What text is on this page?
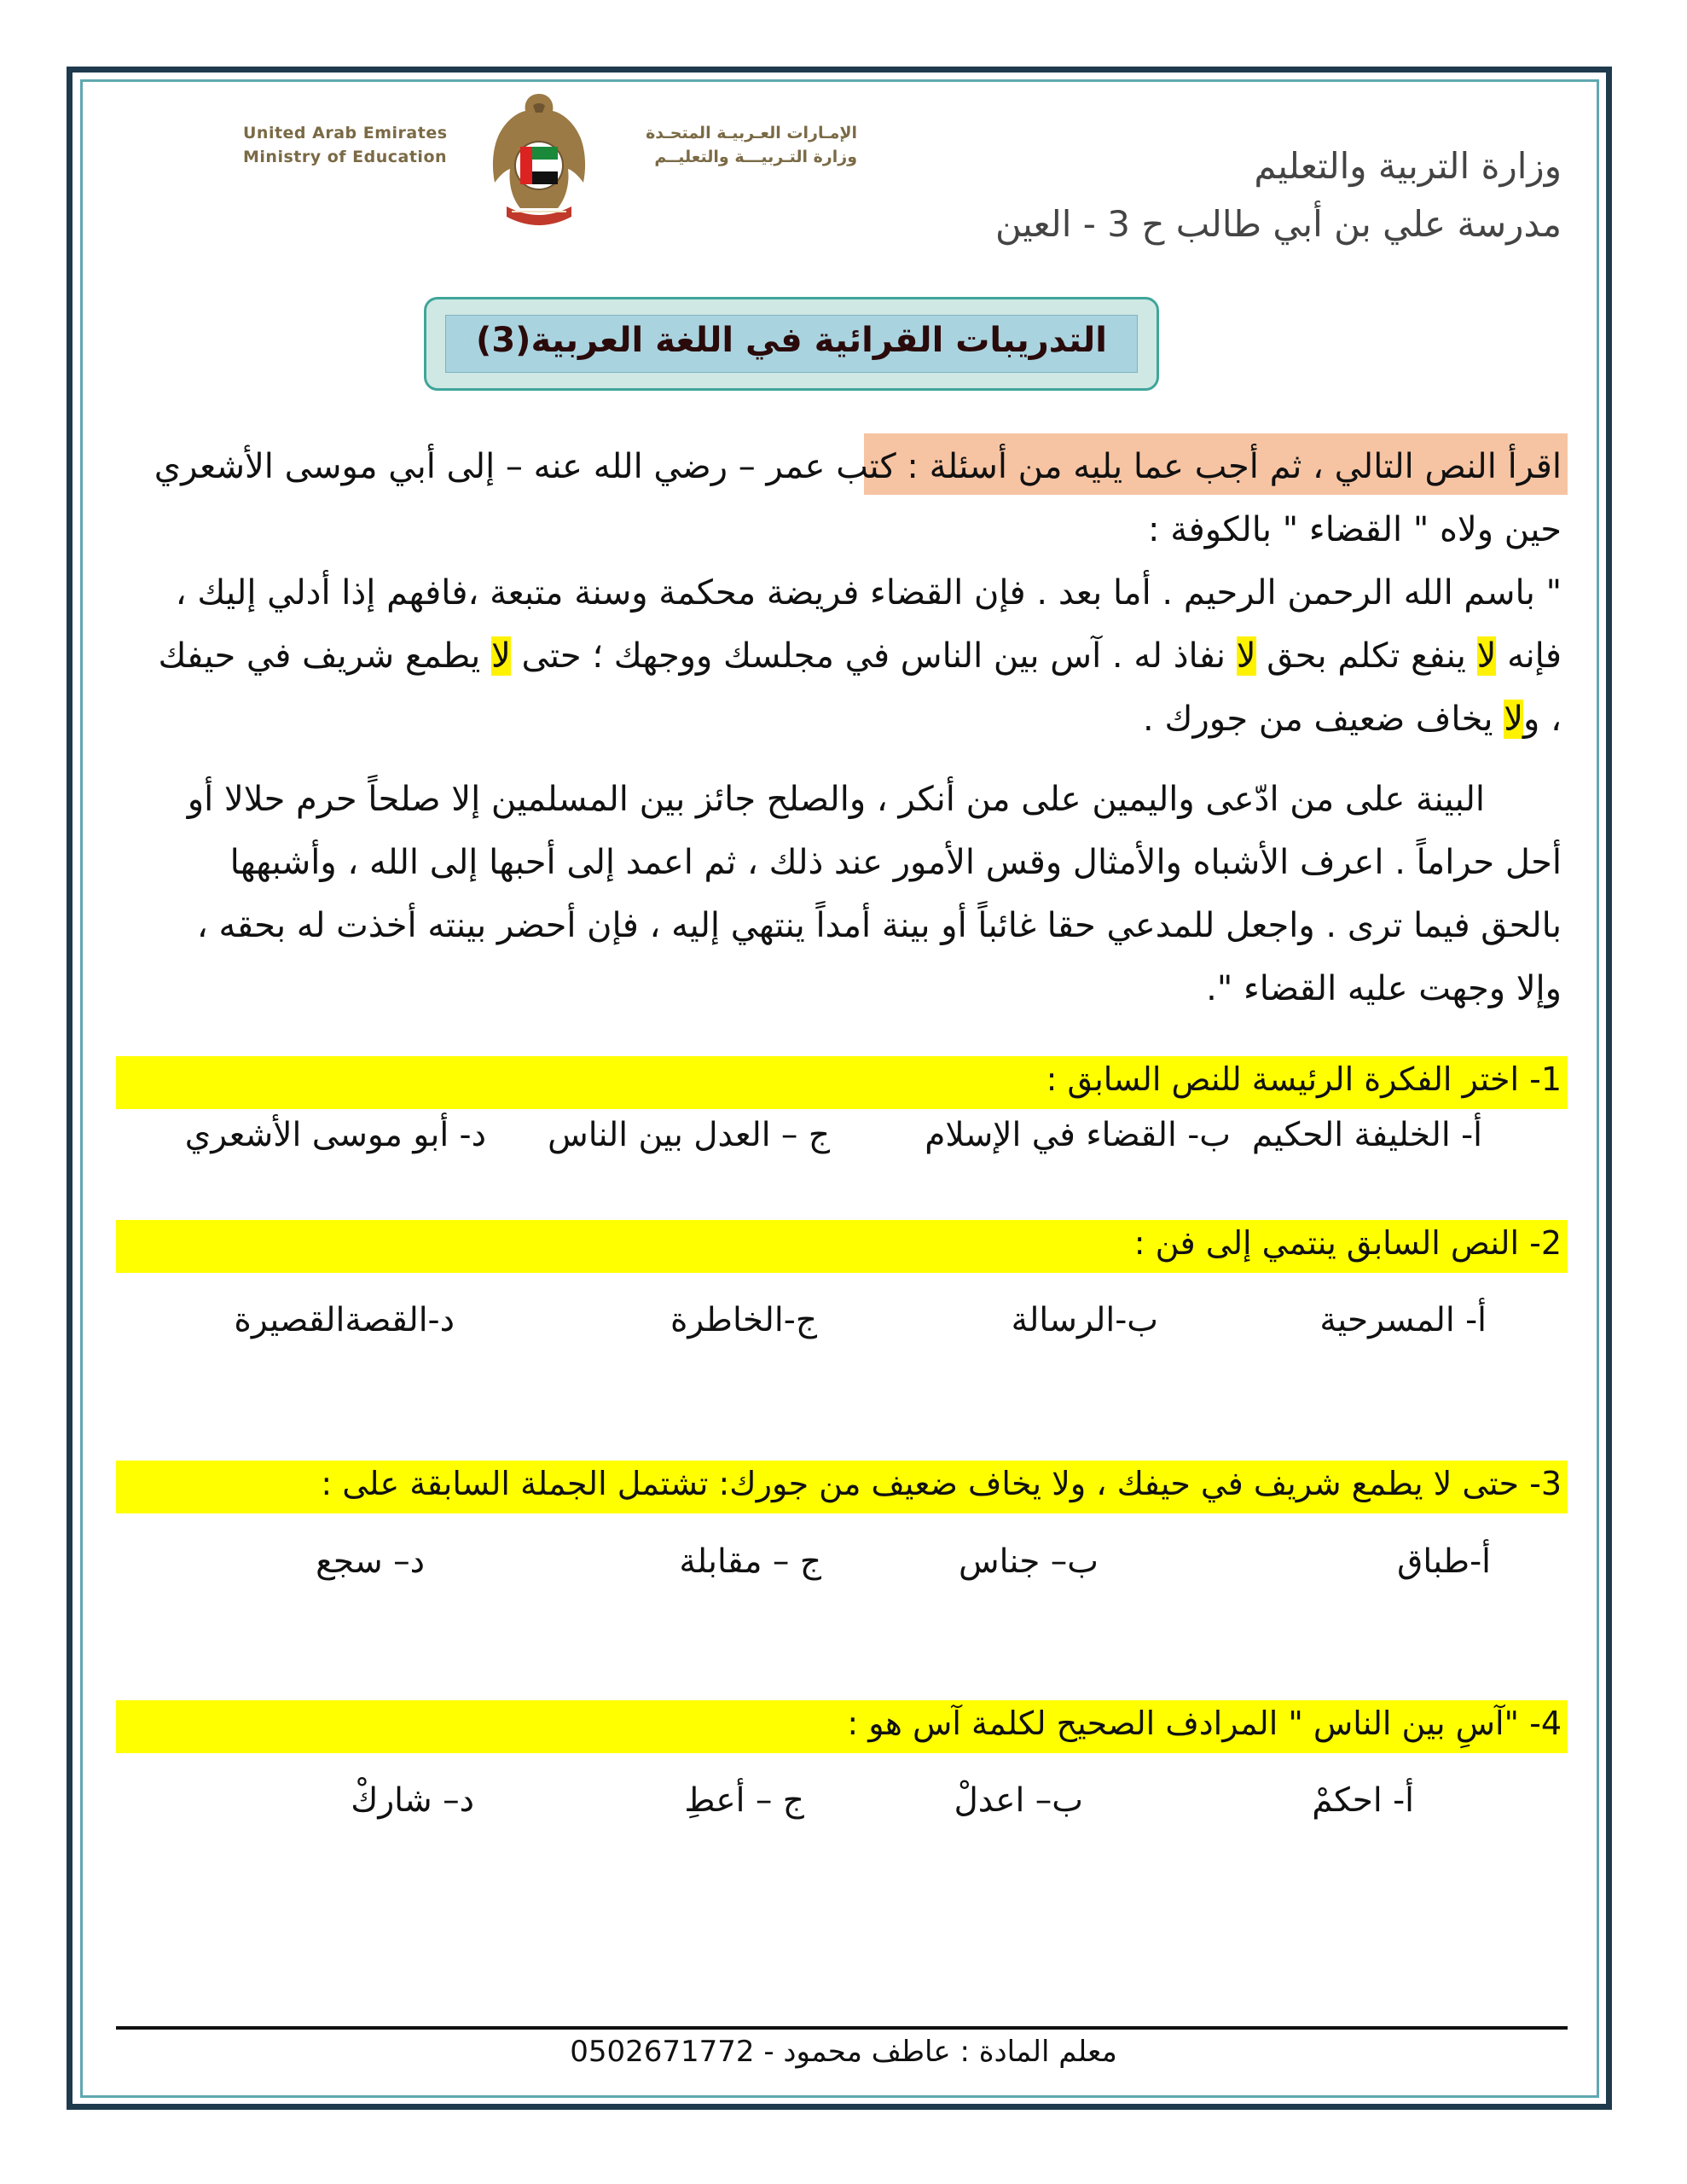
United Arab Emirates
Ministry of Education
الإمـارات العـربيـة المتحـدة
وزارة التـربيـــة والتعليــم	وزارة التربية والتعليم
مدرسة علي بن أبي طالب ح 3 - العين
التدريبات القرائية في اللغة العربية(3)
اقرأ النص التالي ، ثم أجب عما يليه من أسئلة : كتب عمر – رضي الله عنه – إلى أبي موسى الأشعري حين ولاه " القضاء " بالكوفة :
" باسم الله الرحمن الرحيم . أما بعد . فإن القضاء فريضة محكمة وسنة متبعة ،فافهم إذا أدلي إليك ، فإنه لا ينفع تكلم بحق لا نفاذ له . آس بين الناس في مجلسك ووجهك ؛ حتى لا يطمع شريف في حيفك ، ولا يخاف ضعيف من جورك .
البينة على من ادّعى واليمين على من أنكر ، والصلح جائز بين المسلمين إلا صلحاً حرم حلالا أو أحل حراماً . اعرف الأشباه والأمثال وقس الأمور عند ذلك ، ثم اعمد إلى أحبها إلى الله ، وأشبهها بالحق فيما ترى . واجعل للمدعي حقا غائباً أو بينة أمداً ينتهي إليه ، فإن أحضر بينته أخذت له بحقه ، وإلا وجهت عليه القضاء ".
1- اختر الفكرة الرئيسة للنص السابق :
أ- الخليفة الحكيم
ب- القضاء في الإسلام
ج – العدل بين الناس
د- أبو موسى الأشعري
2- النص السابق ينتمي إلى فن :
أ- المسرحية
ب-الرسالة
ج-الخاطرة
د-القصةالقصيرة
3- حتى لا يطمع شريف في حيفك ، ولا يخاف ضعيف من جورك: تشتمل الجملة السابقة على :
أ-طباق
ب– جناس
ج – مقابلة
د– سجع
4- "آسِ بين الناس " المرادف الصحيح لكلمة آس هو :
أ- احكمْ
ب– اعدلْ
ج – أعطِ
د– شاركْ
معلم المادة : عاطف محمود - 0502671772
